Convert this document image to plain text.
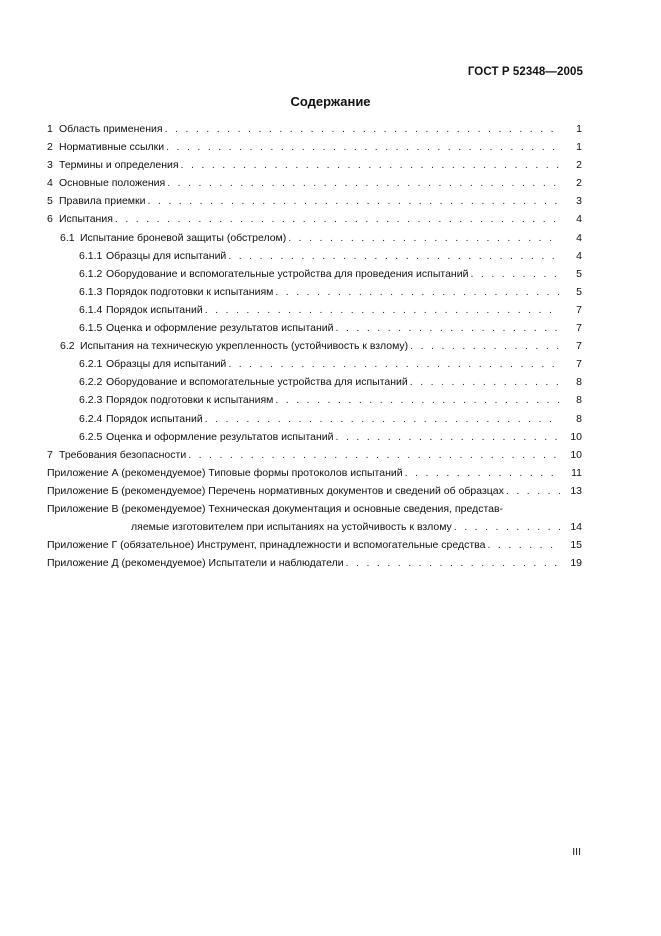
ГОСТ Р 52348—2005
Содержание
1 Область применения . . .	1
2 Нормативные ссылки . . .	1
3 Термины и определения . . .	2
4 Основные положения . . .	2
5 Правила приемки . . .	3
6 Испытания . . .	4
6.1 Испытание броневой защиты (обстрелом) . . .	4
6.1.1 Образцы для испытаний . . .	4
6.1.2 Оборудование и вспомогательные устройства для проведения испытаний . . .	5
6.1.3 Порядок подготовки к испытаниям . . .	5
6.1.4 Порядок испытаний . . .	7
6.1.5 Оценка и оформление результатов испытаний . . .	7
6.2 Испытания на техническую укрепленность (устойчивость к взлому) . . .	7
6.2.1 Образцы для испытаний . . .	7
6.2.2 Оборудование и вспомогательные устройства для испытаний . . .	8
6.2.3 Порядок подготовки к испытаниям . . .	8
6.2.4 Порядок испытаний . . .	8
6.2.5 Оценка и оформление результатов испытаний . . .	10
7 Требования безопасности . . .	10
Приложение А (рекомендуемое) Типовые формы протоколов испытаний . . .	11
Приложение Б (рекомендуемое) Перечень нормативных документов и сведений об образцах . . .	13
Приложение В (рекомендуемое) Техническая документация и основные сведения, представ-
ляемые изготовителем при испытаниях на устойчивость к взлому . . .	14
Приложение Г (обязательное) Инструмент, принадлежности и вспомогательные средства . . .	15
Приложение Д (рекомендуемое) Испытатели и наблюдатели . . .	19
III
